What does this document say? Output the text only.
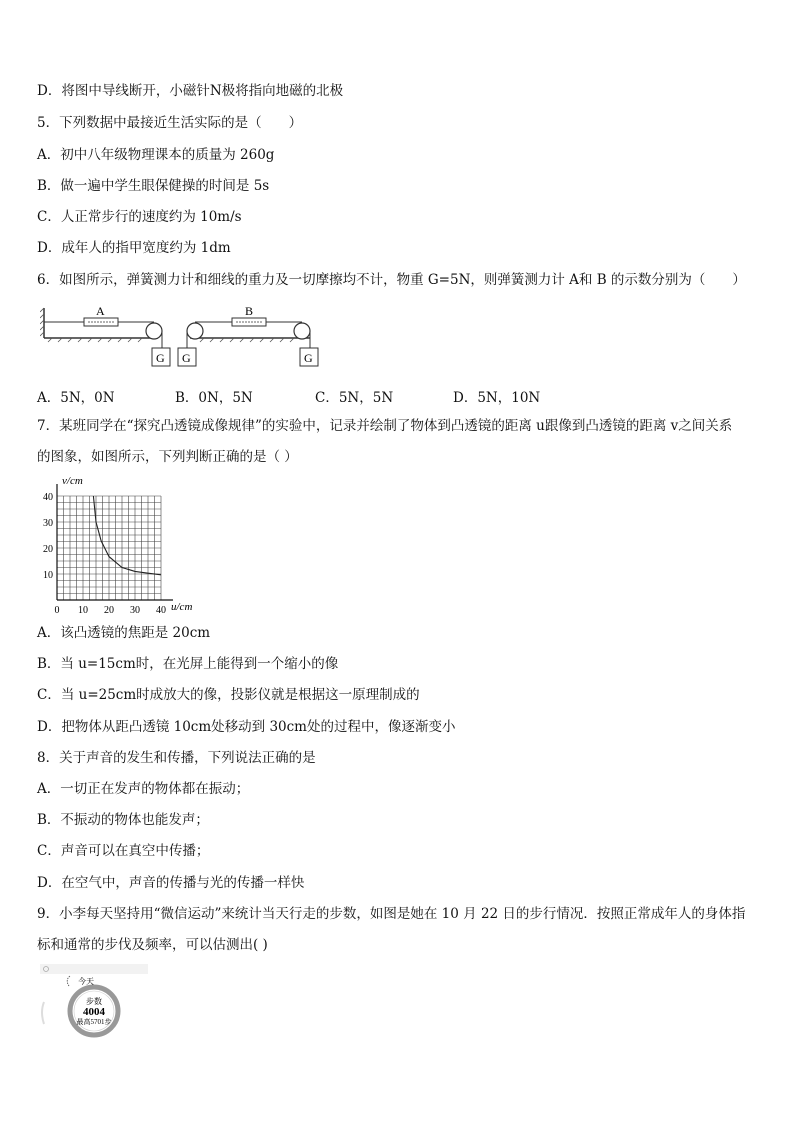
D．将图中导线断开，小磁针N极将指向地磁的北极
5．下列数据中最接近生活实际的是（　　）
A．初中八年级物理课本的质量为 260g
B．做一遍中学生眼保健操的时间是 5s
C．人正常步行的速度约为 10m/s
D．成年人的指甲宽度约为 1dm
6．如图所示，弹簧测力计和细线的重力及一切摩擦均不计，物重 G=5N，则弹簧测力计 A和 B 的示数分别为（　　）
A
G G
B
G
A．5N，0N	B．0N，5N	C．5N，5N	D．5N，10N
7．某班同学在“探究凸透镜成像规律”的实验中，记录并绘制了物体到凸透镜的距离 u跟像到凸透镜的距离 v之间关系
的图象，如图所示，下列判断正确的是（ ）
0 10 20 30 40
10
20
30
40
v/cm
u/cm
A．该凸透镜的焦距是 20cm
B．当 u=15cm时，在光屏上能得到一个缩小的像
C．当 u=25cm时成放大的像，投影仪就是根据这一原理制成的
D．把物体从距凸透镜 10cm处移动到 30cm处的过程中，像逐渐变小
8．关于声音的发生和传播，下列说法正确的是
A．一切正在发声的物体都在振动；
B．不振动的物体也能发声；
C．声音可以在真空中传播；
D．在空气中，声音的传播与光的传播一样快
9．小李每天坚持用“微信运动”来统计当天行走的步数，如图是她在 10 月 22 日的步行情况．按照正常成年人的身体指
标和通常的步伐及频率，可以估测出( )
今天
步数
4004
最高5701步
